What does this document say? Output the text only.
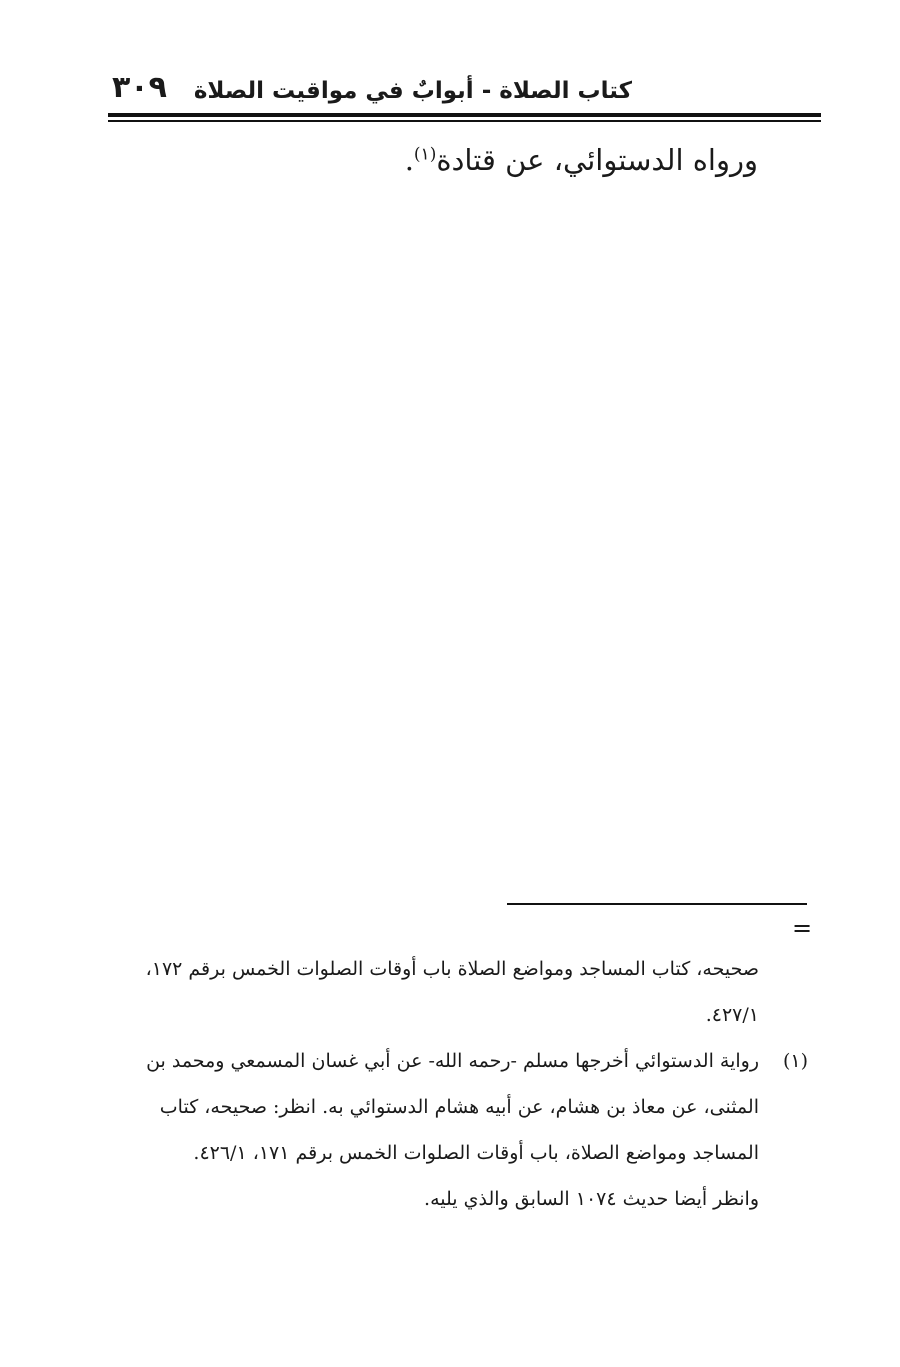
٣٠٩ كتاب الصلاة - أبوابٌ في مواقيت الصلاة
ورواه الدستوائي، عن قتادة$^{(١)}$.
=
صحيحه، كتاب المساجد ومواضع الصلاة باب أوقات الصلوات الخمس برقم ١٧٢، ٤٢٧/١.
(١)
رواية الدستوائي أخرجها مسلم -رحمه الله- عن أبي غسان المسمعي ومحمد بن المثنى، عن معاذ بن هشام، عن أبيه هشام الدستوائي به. انظر: صحيحه، كتاب المساجد ومواضع الصلاة، باب أوقات الصلوات الخمس برقم ١٧١، ٤٢٦/١.
وانظر أيضا حديث ١٠٧٤ السابق والذي يليه.
